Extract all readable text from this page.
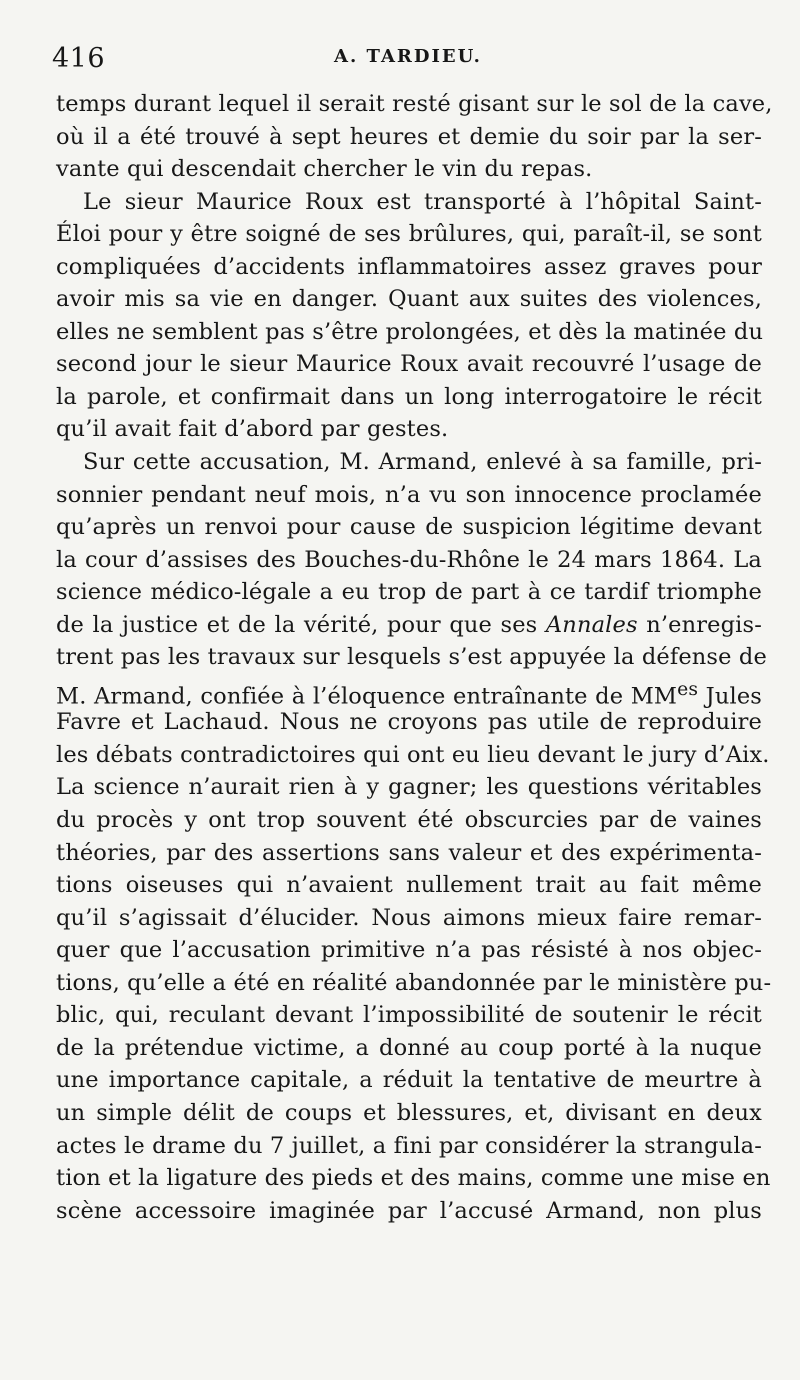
416	A. TARDIEU.
temps durant lequel il serait resté gisant sur le sol de la cave,
où il a été trouvé à sept heures et demie du soir par la ser-
vante qui descendait chercher le vin du repas.
Le sieur Maurice Roux est transporté à l’hôpital Saint-
Éloi pour y être soigné de ses brûlures, qui, paraît-il, se sont
compliquées d’accidents inflammatoires assez graves pour
avoir mis sa vie en danger. Quant aux suites des violences,
elles ne semblent pas s’être prolongées, et dès la matinée du
second jour le sieur Maurice Roux avait recouvré l’usage de
la parole, et confirmait dans un long interrogatoire le récit
qu’il avait fait d’abord par gestes.
Sur cette accusation, M. Armand, enlevé à sa famille, pri-
sonnier pendant neuf mois, n’a vu son innocence proclamée
qu’après un renvoi pour cause de suspicion légitime devant
la cour d’assises des Bouches-du-Rhône le 24 mars 1864. La
science médico-légale a eu trop de part à ce tardif triomphe
de la justice et de la vérité, pour que ses Annales n’enregis-
trent pas les travaux sur lesquels s’est appuyée la défense de
M. Armand, confiée à l’éloquence entraînante de $MM^{es}$ Jules
Favre et Lachaud. Nous ne croyons pas utile de reproduire
les débats contradictoires qui ont eu lieu devant le jury d’Aix.
La science n’aurait rien à y gagner; les questions véritables
du procès y ont trop souvent été obscurcies par de vaines
théories, par des assertions sans valeur et des expérimenta-
tions oiseuses qui n’avaient nullement trait au fait même
qu’il s’agissait d’élucider. Nous aimons mieux faire remar-
quer que l’accusation primitive n’a pas résisté à nos objec-
tions, qu’elle a été en réalité abandonnée par le ministère pu-
blic, qui, reculant devant l’impossibilité de soutenir le récit
de la prétendue victime, a donné au coup porté à la nuque
une importance capitale, a réduit la tentative de meurtre à
un simple délit de coups et blessures, et, divisant en deux
actes le drame du 7 juillet, a fini par considérer la strangula-
tion et la ligature des pieds et des mains, comme une mise en
scène accessoire imaginée par l’accusé Armand, non plus
